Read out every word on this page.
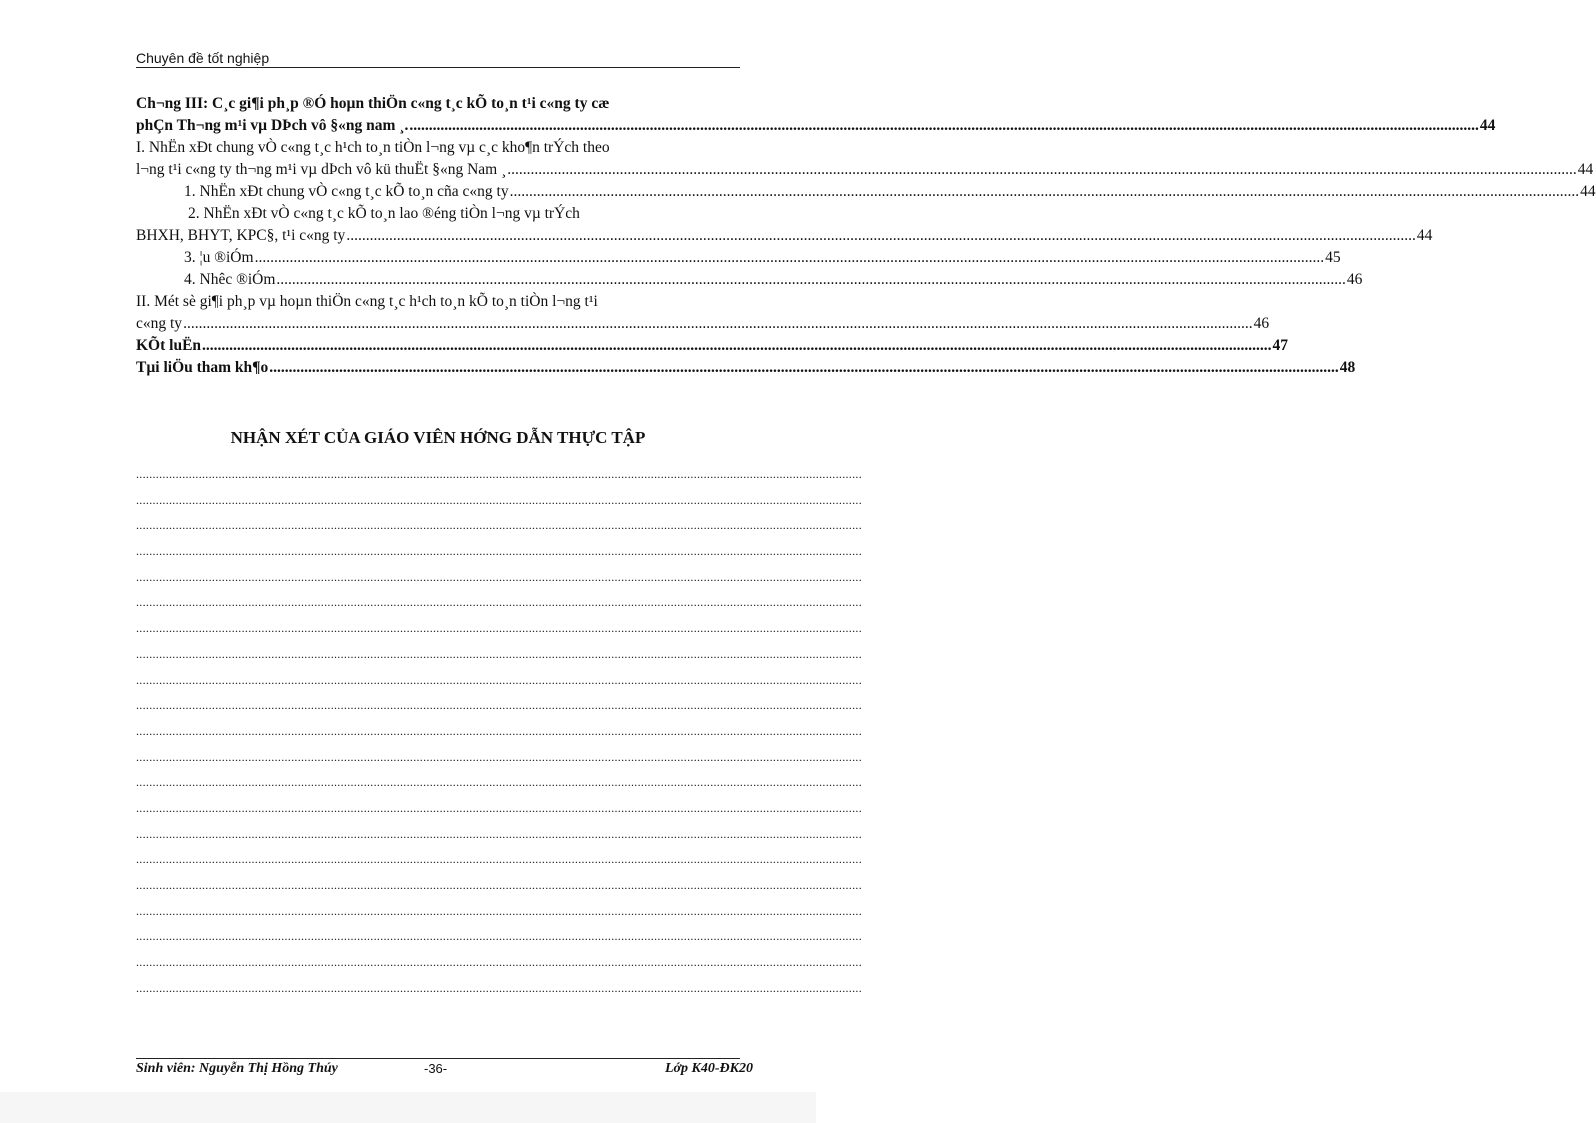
Chuyên đề tốt nghiệp
Ch¬ng III: C¸c gi¶i ph¸p ®Ó hoµn thiÖn c«ng t¸c kÕ to¸n t¹i c«ng ty cæ
phÇn Th¬ng m¹i vµ DÞch vô §«ng nam ¸. .....	44
I. NhËn xÐt chung vÒ c«ng t¸c h¹ch to¸n tiÒn l¬ng vµ c¸c kho¶n trÝch theo
l¬ng t¹i c«ng ty th¬ng m¹i vµ dÞch vô kü thuËt §«ng Nam ¸ .....	44
1. NhËn xÐt chung vÒ c«ng t¸c kÕ to¸n cña c«ng ty .....	44
2. NhËn xÐt vÒ c«ng t¸c kÕ to¸n lao ®éng tiÒn l¬ng vµ trÝch
BHXH, BHYT, KPC§, t¹i c«ng ty .....	44
3. ¦u ®iÓm .....	45
4. Nhêc ®iÓm .....	46
II. Mét sè gi¶i ph¸p vµ hoµn thiÖn c«ng t¸c h¹ch to¸n kÕ to¸n tiÒn l¬ng t¹i
c«ng ty .....	46
KÕt luËn .....	47
Tµi liÖu tham kh¶o .....	48
NHẬN XÉT CỦA GIÁO VIÊN HỚNG DẪN THỰC TẬP
............................................................................................................................................................................................................................
............................................................................................................................................................................................................................
............................................................................................................................................................................................................................
............................................................................................................................................................................................................................
............................................................................................................................................................................................................................
............................................................................................................................................................................................................................
............................................................................................................................................................................................................................
............................................................................................................................................................................................................................
............................................................................................................................................................................................................................
............................................................................................................................................................................................................................
............................................................................................................................................................................................................................
............................................................................................................................................................................................................................
............................................................................................................................................................................................................................
............................................................................................................................................................................................................................
............................................................................................................................................................................................................................
............................................................................................................................................................................................................................
............................................................................................................................................................................................................................
............................................................................................................................................................................................................................
............................................................................................................................................................................................................................
............................................................................................................................................................................................................................
............................................................................................................................................................................................................................
Sinh viên: Nguyễn Thị Hồng Thúy	-36-	Lớp K40-ĐK20
